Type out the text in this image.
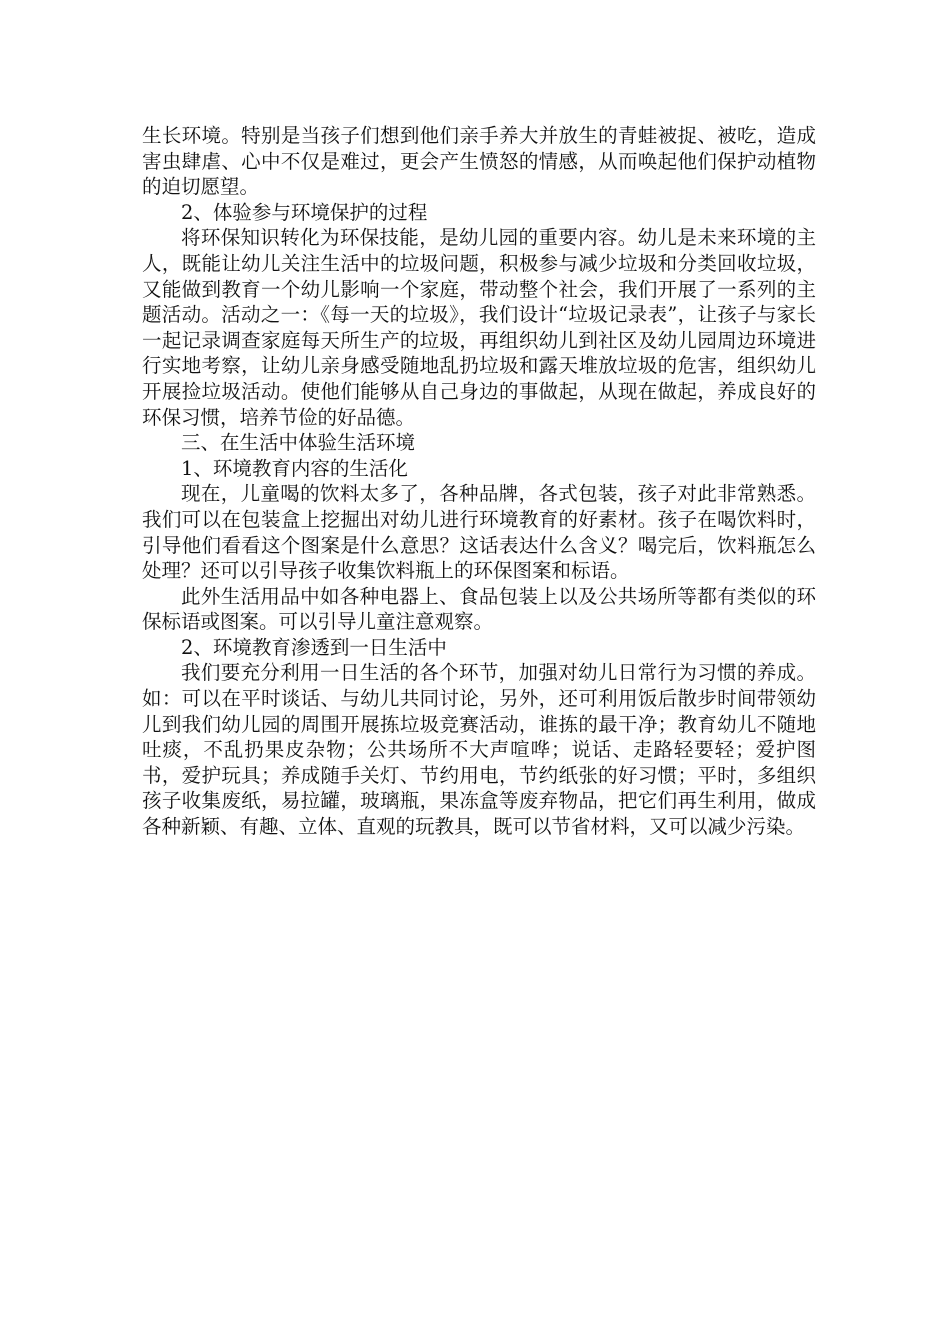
生长环境。特别是当孩子们想到他们亲手养大并放生的青蛙被捉、被吃，造成害虫肆虐、心中不仅是难过，更会产生愤怒的情感，从而唤起他们保护动植物的迫切愿望。

2、体验参与环境保护的过程

将环保知识转化为环保技能，是幼儿园的重要内容。幼儿是未来环境的主人，既能让幼儿关注生活中的垃圾问题，积极参与减少垃圾和分类回收垃圾，又能做到教育一个幼儿影响一个家庭，带动整个社会，我们开展了一系列的主题活动。活动之一：《每一天的垃圾》，我们设计“垃圾记录表”，让孩子与家长一起记录调查家庭每天所生产的垃圾，再组织幼儿到社区及幼儿园周边环境进行实地考察，让幼儿亲身感受随地乱扔垃圾和露天堆放垃圾的危害，组织幼儿开展捡垃圾活动。使他们能够从自己身边的事做起，从现在做起，养成良好的环保习惯，培养节俭的好品德。

三、在生活中体验生活环境

1、环境教育内容的生活化

现在，儿童喝的饮料太多了，各种品牌，各式包装，孩子对此非常熟悉。我们可以在包装盒上挖掘出对幼儿进行环境教育的好素材。孩子在喝饮料时，引导他们看看这个图案是什么意思？这话表达什么含义？喝完后，饮料瓶怎么处理？还可以引导孩子收集饮料瓶上的环保图案和标语。

此外生活用品中如各种电器上、食品包装上以及公共场所等都有类似的环保标语或图案。可以引导儿童注意观察。

2、环境教育渗透到一日生活中

我们要充分利用一日生活的各个环节，加强对幼儿日常行为习惯的养成。如：可以在平时谈话、与幼儿共同讨论，另外，还可利用饭后散步时间带领幼儿到我们幼儿园的周围开展拣垃圾竞赛活动，谁拣的最干净；教育幼儿不随地吐痰，不乱扔果皮杂物；公共场所不大声喧哗；说话、走路轻要轻；爱护图书，爱护玩具；养成随手关灯、节约用电，节约纸张的好习惯；平时，多组织孩子收集废纸，易拉罐，玻璃瓶，果冻盒等废弃物品，把它们再生利用，做成各种新颖、有趣、立体、直观的玩教具，既可以节省材料，又可以减少污染。
